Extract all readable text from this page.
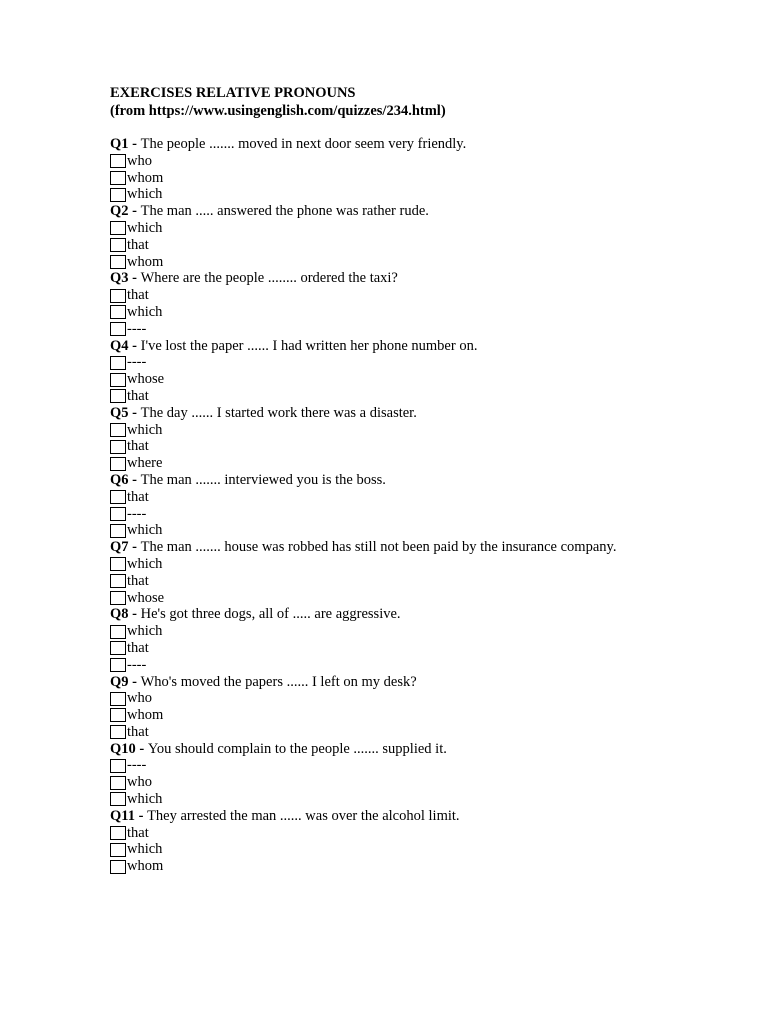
EXERCISES RELATIVE PRONOUNS
(from https://www.usingenglish.com/quizzes/234.html)
Q1 - The people ....... moved in next door seem very friendly.
who
whom
which
Q2 - The man ..... answered the phone was rather rude.
which
that
whom
Q3 - Where are the people ........ ordered the taxi?
that
which
----
Q4 - I've lost the paper ...... I had written her phone number on.
----
whose
that
Q5 - The day ...... I started work there was a disaster.
which
that
where
Q6 - The man ....... interviewed you is the boss.
that
----
which
Q7 - The man ....... house was robbed has still not been paid by the insurance company.
which
that
whose
Q8 - He's got three dogs, all of ..... are aggressive.
which
that
----
Q9 - Who's moved the papers ...... I left on my desk?
who
whom
that
Q10 - You should complain to the people ....... supplied it.
----
who
which
Q11 - They arrested the man ...... was over the alcohol limit.
that
which
whom
